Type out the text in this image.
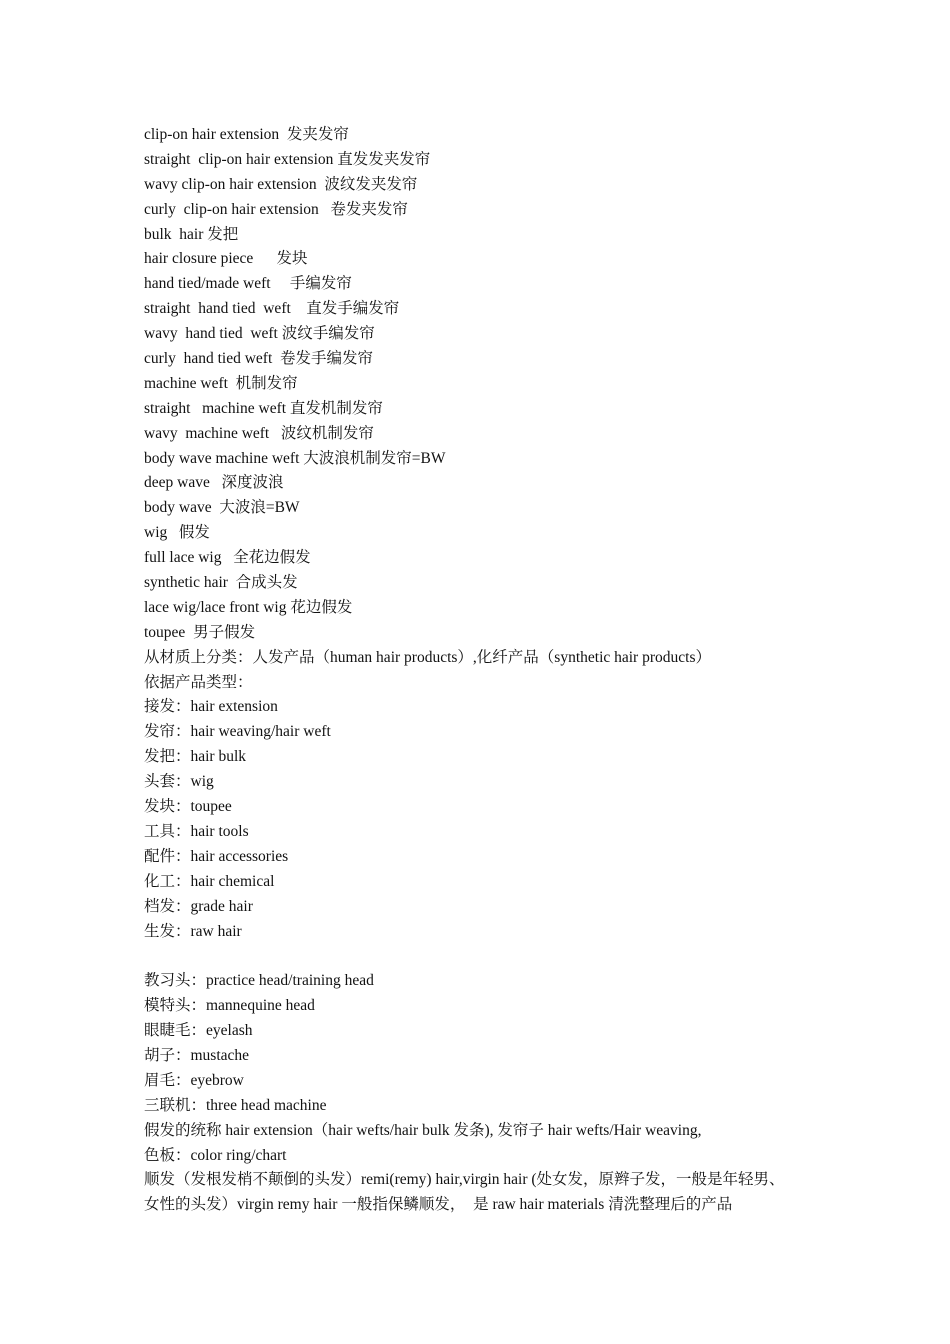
clip-on hair extension  发夹发帘
straight  clip-on hair extension 直发发夹发帘
wavy clip-on hair extension  波纹发夹发帘
curly  clip-on hair extension   卷发夹发帘
bulk  hair 发把
hair closure piece      发块
hand tied/made weft     手编发帘
straight  hand tied  weft    直发手编发帘
wavy  hand tied  weft 波纹手编发帘
curly  hand tied weft  卷发手编发帘
machine weft  机制发帘
straight   machine weft 直发机制发帘
wavy  machine weft   波纹机制发帘
body wave machine weft 大波浪机制发帘=BW
deep wave   深度波浪
body wave  大波浪=BW
wig   假发
full lace wig   全花边假发
synthetic hair  合成头发
lace wig/lace front wig 花边假发
toupee  男子假发
从材质上分类：人发产品（human hair products）,化纤产品（synthetic hair products）
依据产品类型：
接发：hair extension
发帘：hair weaving/hair weft
发把：hair bulk
头套：wig
发块：toupee
工具：hair tools
配件：hair accessories
化工：hair chemical
档发：grade hair
生发：raw hair
教习头：practice head/training head
模特头：mannequine head
眼睫毛：eyelash
胡子：mustache
眉毛：eyebrow
三联机：three head machine
假发的统称 hair extension（hair wefts/hair bulk 发条), 发帘子 hair wefts/Hair weaving,
色板：color ring/chart
顺发（发根发梢不颠倒的头发）remi(remy) hair,virgin hair (处女发，原辫子发，一般是年轻男、
女性的头发）virgin remy hair 一般指保鳞顺发，  是 raw hair materials 清洗整理后的产品
